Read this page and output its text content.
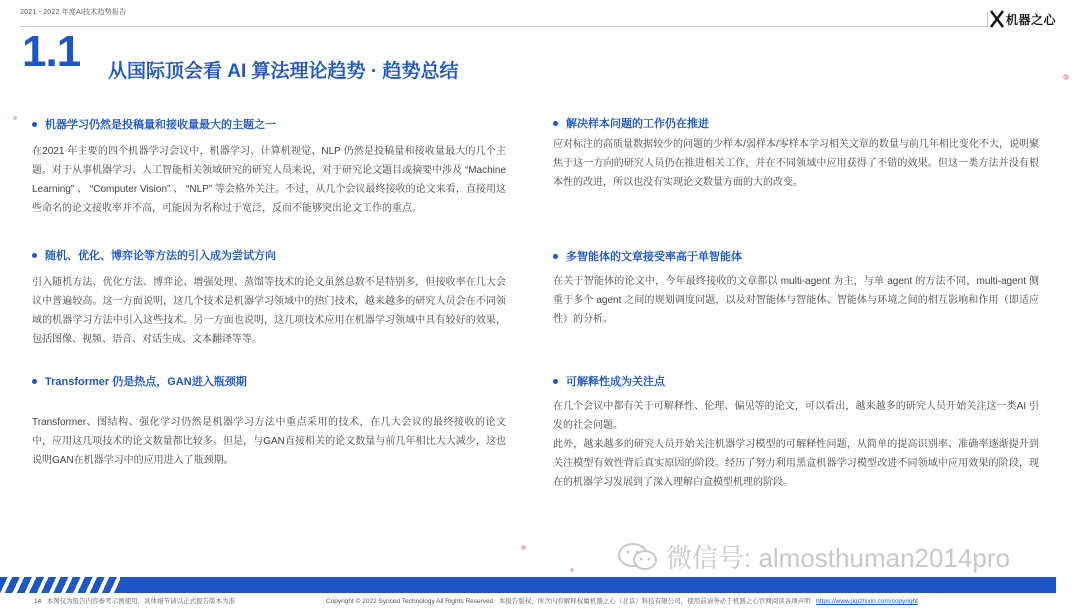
2021 - 2022 年度AI技术趋势报告	机器之心
1.1 从国际顶会看 AI 算法理论趋势 · 趋势总结
机器学习仍然是投稿量和接收量最大的主题之一
在2021 年主要的四个机器学习会议中，机器学习、计算机视觉、NLP 仍然是投稿量和接收量最大的几个主题。对于从事机器学习、人工智能相关领域研究的研究人员来说，对于研究论文题目或摘要中涉及 “Machine Learning” 、 “Computer Vision” 、 “NLP” 等会格外关注。不过，从几个会议最终接收的论文来看，直接用这些命名的论文接收率并不高，可能因为名称过于宽泛，反而不能够突出论文工作的重点。
随机、优化、博弈论等方法的引入成为尝试方向
引入随机方法、优化方法、博弈论、增强处理、蒸馏等技术的论文虽然总数不是特别多，但接收率在几大会议中普遍较高。这一方面说明，这几个技术是机器学习领域中的热门技术，越来越多的研究人员会在不同领域的机器学习方法中引入这些技术。另一方面也说明，这几项技术应用在机器学习领域中具有较好的效果，包括图像、视频、语音、对话生成、文本翻译等等。
Transformer 仍是热点，GAN进入瓶颈期
Transformer、图结构、强化学习仍然是机器学习方法中重点采用的技术，在几大会议的最终接收的论文中，应用这几项技术的论文数量都比较多。但是，与GAN直接相关的论文数量与前几年相比大大减少，这也说明GAN在机器学习中的应用进入了瓶颈期。
解决样本问题的工作仍在推进
应对标注的高质量数据较少的问题的少样本/弱样本/零样本学习相关文章的数量与前几年相比变化不大，说明聚焦于这一方向的研究人员仍在推进相关工作，并在不同领域中应用获得了不错的效果。但这一类方法并没有根本性的改进，所以也没有实现论文数量方面的大的改变。
多智能体的文章接受率高于单智能体
在关于智能体的论文中，今年最终接收的文章都以 multi-agent 为主，与单 agent 的方法不同，multi-agent 侧重于多个 agent 之间的规划调度问题，以及对智能体与智能体、智能体与环境之间的相互影响和作用（即适应性）的分析。
可解释性成为关注点
在几个会议中都有关于可解释性、伦理、偏见等的论文，可以看出，越来越多的研究人员开始关注这一类AI 引发的社会问题。
此外，越来越多的研究人员开始关注机器学习模型的可解释性问题，从简单的提高识别率、准确率逐渐提升到关注模型有效性背后真实原因的阶段。经历了努力利用黑盒机器学习模型改进不同领域中应用效果的阶段，现在的机器学习发展到了深入理解白盒模型机理的阶段。
微信号: almosthuman2014pro
14 本图仅为报告内容参考示例使用，具体细节请以正式报告版本为准	Copyright © 2022 Synced Technology All Rights Reserved 本报告版权、所含内容解释权属机器之心（北京）科技有限公司，使用前请务必于机器之心官网阅读各项声明 https://www.jiqizhixin.com/copyright
